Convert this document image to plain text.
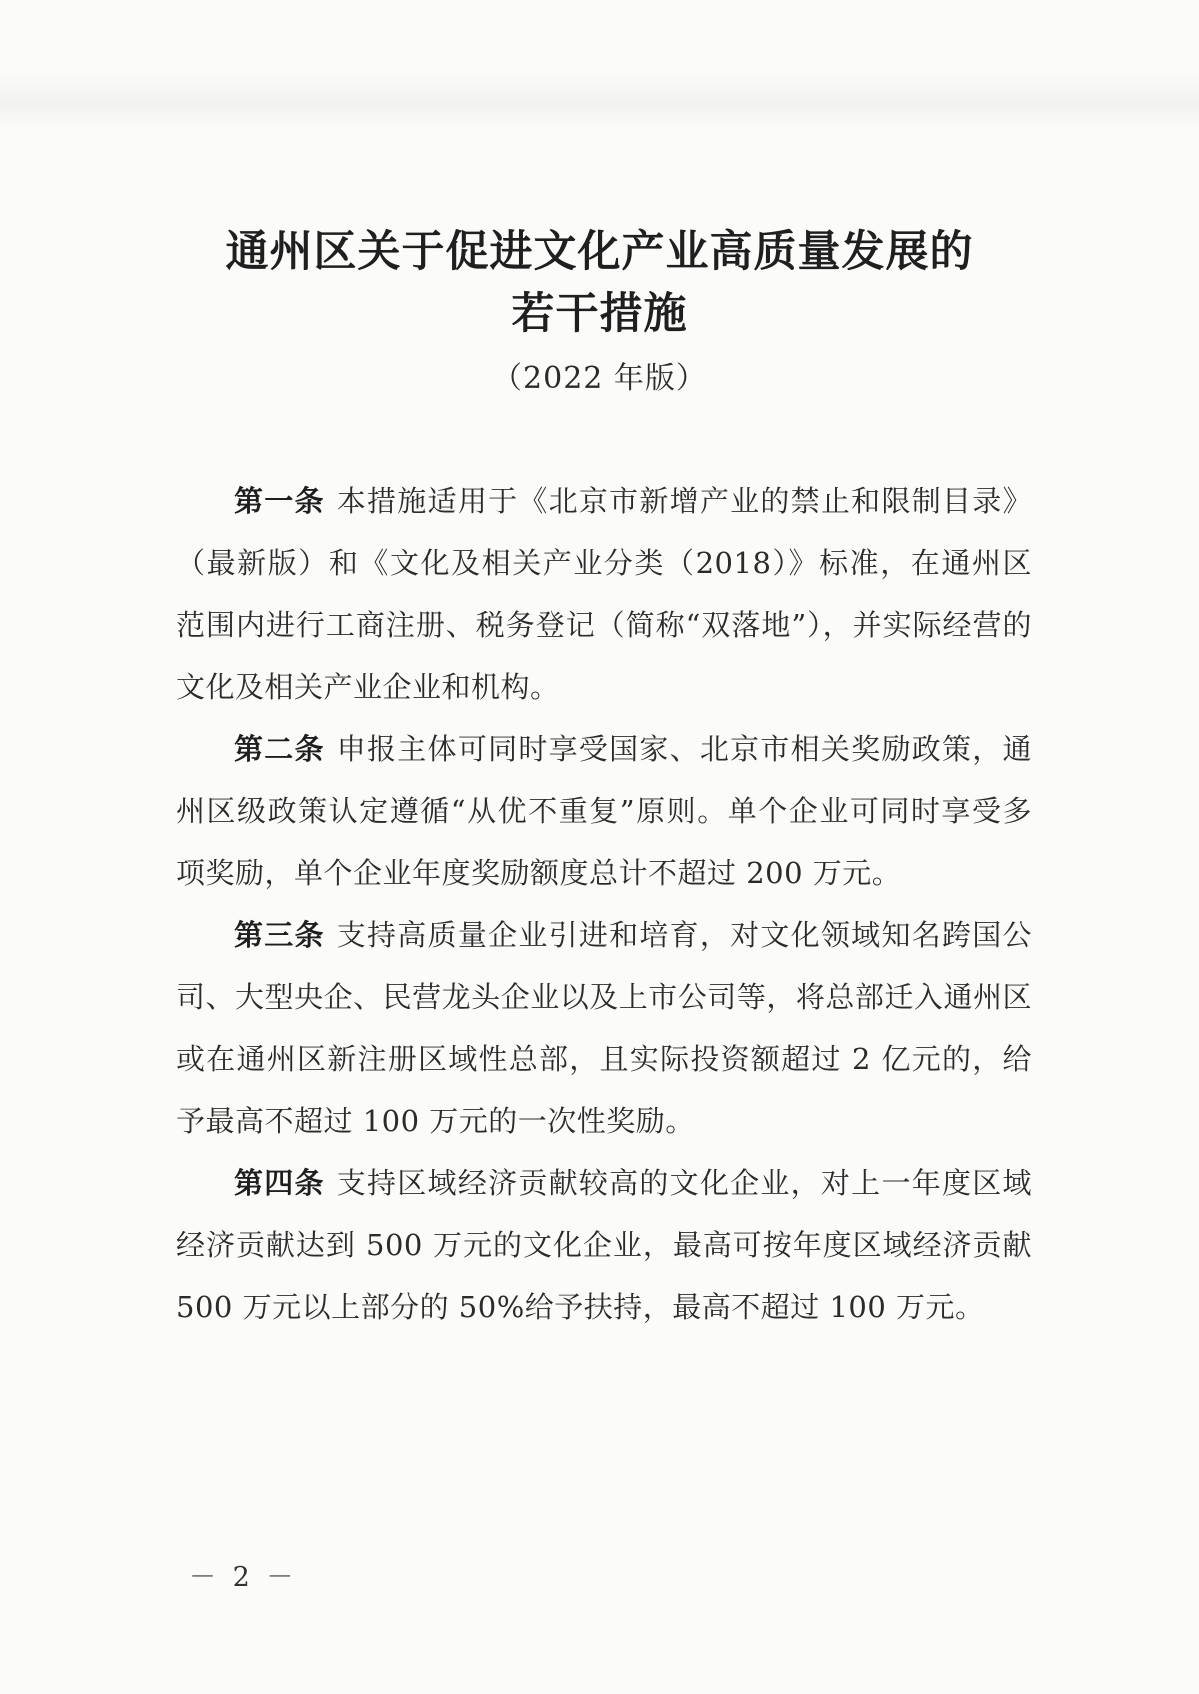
通州区关于促进文化产业高质量发展的
若干措施
（2022 年版）

第一条 本措施适用于《北京市新增产业的禁止和限制目录》（最新版）和《文化及相关产业分类（2018）》标准，在通州区范围内进行工商注册、税务登记（简称“双落地”），并实际经营的文化及相关产业企业和机构。

第二条 申报主体可同时享受国家、北京市相关奖励政策，通州区级政策认定遵循“从优不重复”原则。单个企业可同时享受多项奖励，单个企业年度奖励额度总计不超过 200 万元。

第三条 支持高质量企业引进和培育，对文化领域知名跨国公司、大型央企、民营龙头企业以及上市公司等，将总部迁入通州区或在通州区新注册区域性总部，且实际投资额超过 2 亿元的，给予最高不超过 100 万元的一次性奖励。

第四条 支持区域经济贡献较高的文化企业，对上一年度区域经济贡献达到 500 万元的文化企业，最高可按年度区域经济贡献 500 万元以上部分的 50%给予扶持，最高不超过 100 万元。

－ 2 －
